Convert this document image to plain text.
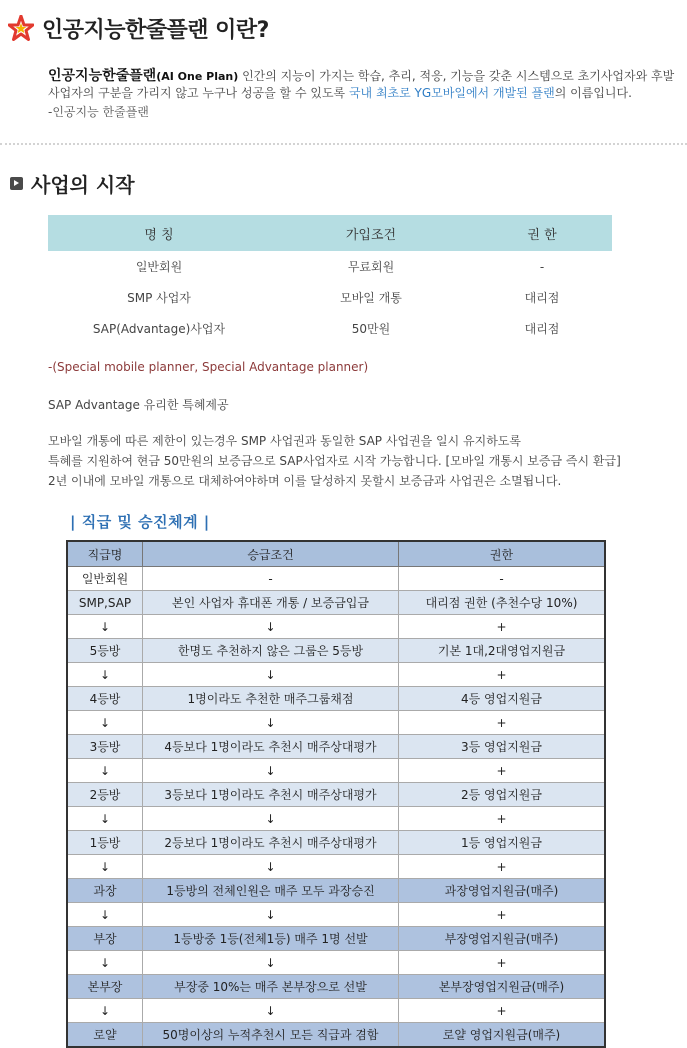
인공지능한줄플랜 이란?
인공지능한줄플랜(AI One Plan) 인간의 지능이 가지는 학습, 추리, 적응, 기능을 갖춘 시스템으로 초기사업자와 후발사업자의 구분을 가리지 않고 누구나 성공을 할 수 있도록 국내 최초로 YG모바일에서 개발된 플랜의 이름입니다.
-인공지능 한줄플랜
사업의 시작
명 칭	가입조건	권 한
일반회원	무료회원	-
SMP 사업자	모바일 개통	대리점
SAP(Advantage)사업자	50만원	대리점
-(Special mobile planner, Special Advantage planner)
SAP Advantage 유리한 특혜제공
모바일 개통에 따른 제한이 있는경우 SMP 사업권과 동일한 SAP 사업권을 일시 유지하도록
특혜를 지원하여 현금 50만원의 보증금으로 SAP사업자로 시작 가능합니다. [모바일 개통시 보증금 즉시 환급]
2년 이내에 모바일 개통으로 대체하여야하며 이를 달성하지 못할시 보증금과 사업권은 소멸됩니다.
| 직급 및 승진체계 |
직급명	승급조건	권한
일반회원	-	-
SMP,SAP	본인 사업자 휴대폰 개통 / 보증금입금	대리점 권한 (추천수당 10%)
↓	↓	+
5등방	한명도 추천하지 않은 그룹은 5등방	기본 1대,2대영업지원금
↓	↓	+
4등방	1명이라도 추천한 매주그룹채점	4등 영업지원금
↓	↓	+
3등방	4등보다 1명이라도 추천시 매주상대평가	3등 영업지원금
↓	↓	+
2등방	3등보다 1명이라도 추천시 매주상대평가	2등 영업지원금
↓	↓	+
1등방	2등보다 1명이라도 추천시 매주상대평가	1등 영업지원금
↓	↓	+
과장	1등방의 전체인원은 매주 모두 과장승진	과장영업지원금(매주)
↓	↓	+
부장	1등방중 1등(전체1등) 매주 1명 선발	부장영업지원금(매주)
↓	↓	+
본부장	부장중 10%는 매주 본부장으로 선발	본부장영업지원금(매주)
↓	↓	+
로얄	50명이상의 누적추천시 모든 직급과 겸함	로얄 영업지원금(매주)
